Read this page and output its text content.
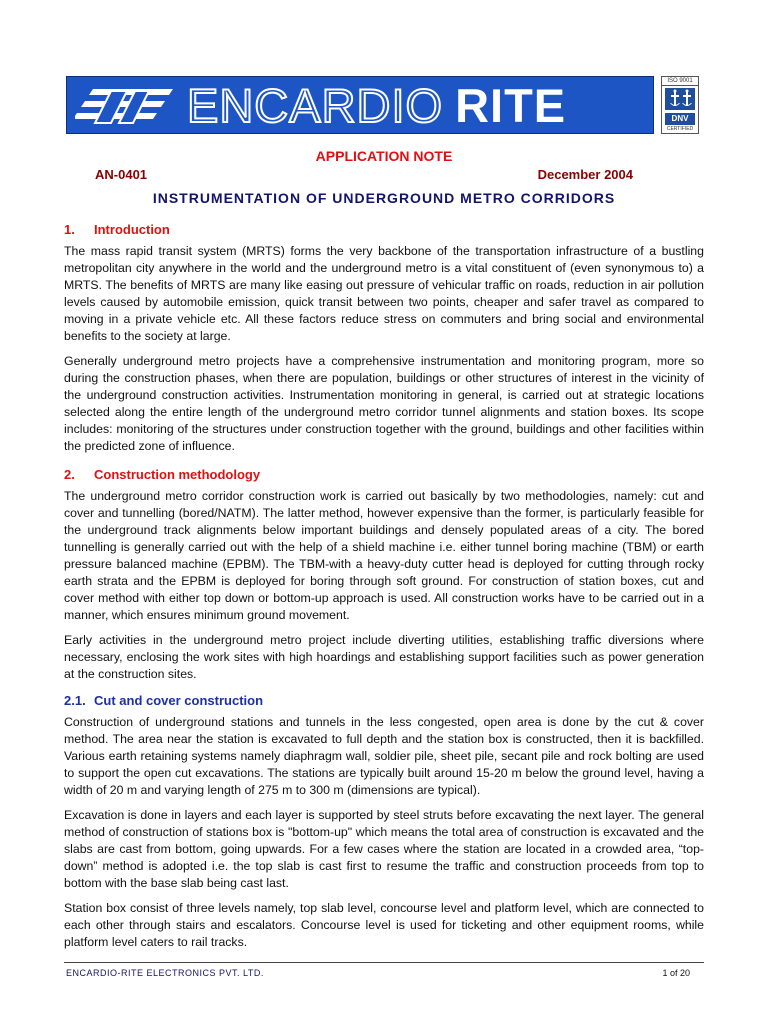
ENCARDIO RITE	ISO 9001
DNV
CERTIFIED
APPLICATION NOTE
AN-0401	December 2004
INSTRUMENTATION OF UNDERGROUND METRO CORRIDORS
1. Introduction

The mass rapid transit system (MRTS) forms the very backbone of the transportation infrastructure of a bustling metropolitan city anywhere in the world and the underground metro is a vital constituent of (even synonymous to) a MRTS. The benefits of MRTS are many like easing out pressure of vehicular traffic on roads, reduction in air pollution levels caused by automobile emission, quick transit between two points, cheaper and safer travel as compared to moving in a private vehicle etc. All these factors reduce stress on commuters and bring social and environmental benefits to the society at large.

Generally underground metro projects have a comprehensive instrumentation and monitoring program, more so during the construction phases, when there are population, buildings or other structures of interest in the vicinity of the underground construction activities. Instrumentation monitoring in general, is carried out at strategic locations selected along the entire length of the underground metro corridor tunnel alignments and station boxes. Its scope includes: monitoring of the structures under construction together with the ground, buildings and other facilities within the predicted zone of influence.

2. Construction methodology

The underground metro corridor construction work is carried out basically by two methodologies, namely: cut and cover and tunnelling (bored/NATM). The latter method, however expensive than the former, is particularly feasible for the underground track alignments below important buildings and densely populated areas of a city. The bored tunnelling is generally carried out with the help of a shield machine i.e. either tunnel boring machine (TBM) or earth pressure balanced machine (EPBM). The TBM-with a heavy-duty cutter head is deployed for cutting through rocky earth strata and the EPBM is deployed for boring through soft ground. For construction of station boxes, cut and cover method with either top down or bottom-up approach is used. All construction works have to be carried out in a manner, which ensures minimum ground movement.

Early activities in the underground metro project include diverting utilities, establishing traffic diversions where necessary, enclosing the work sites with high hoardings and establishing support facilities such as power generation at the construction sites.

2.1. Cut and cover construction

Construction of underground stations and tunnels in the less congested, open area is done by the cut & cover method. The area near the station is excavated to full depth and the station box is constructed, then it is backfilled. Various earth retaining systems namely diaphragm wall, soldier pile, sheet pile, secant pile and rock bolting are used to support the open cut excavations. The stations are typically built around 15-20 m below the ground level, having a width of 20 m and varying length of 275 m to 300 m (dimensions are typical).

Excavation is done in layers and each layer is supported by steel struts before excavating the next layer. The general method of construction of stations box is "bottom-up" which means the total area of construction is excavated and the slabs are cast from bottom, going upwards. For a few cases where the station are located in a crowded area, “top-down” method is adopted i.e. the top slab is cast first to resume the traffic and construction proceeds from top to bottom with the base slab being cast last.

Station box consist of three levels namely, top slab level, concourse level and platform level, which are connected to each other through stairs and escalators. Concourse level is used for ticketing and other equipment rooms, while platform level caters to rail tracks.

ENCARDIO-RITE ELECTRONICS PVT. LTD.	1 of 20
